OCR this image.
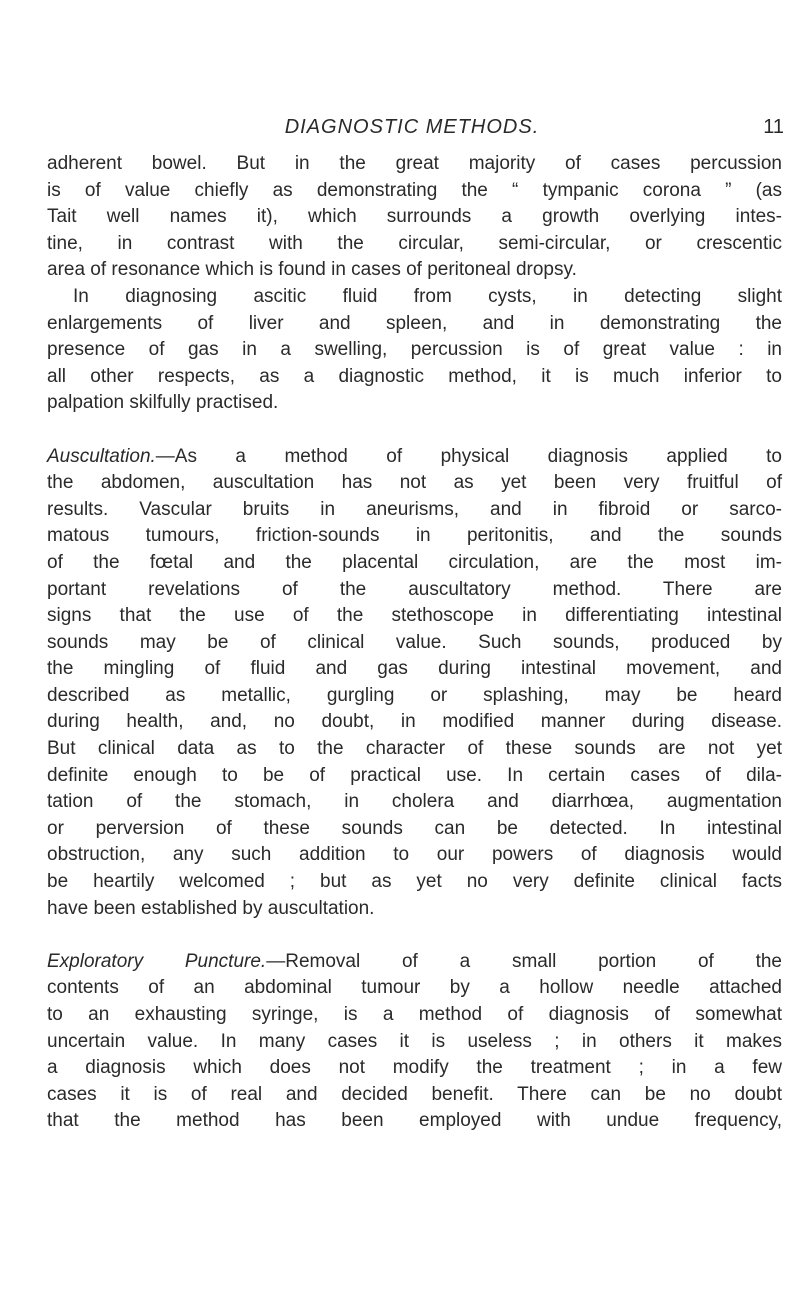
DIAGNOSTIC METHODS.	11

adherent bowel. But in the great majority of cases percussion
is of value chiefly as demonstrating the “ tympanic corona ” (as
Tait well names it), which surrounds a growth overlying intes-
tine, in contrast with the circular, semi-circular, or crescentic
area of resonance which is found in cases of peritoneal dropsy.

In diagnosing ascitic fluid from cysts, in detecting slight
enlargements of liver and spleen, and in demonstrating the
presence of gas in a swelling, percussion is of great value : in
all other respects, as a diagnostic method, it is much inferior to
palpation skilfully practised.

Auscultation.—As a method of physical diagnosis applied to
the abdomen, auscultation has not as yet been very fruitful of
results. Vascular bruits in aneurisms, and in fibroid or sarco-
matous tumours, friction-sounds in peritonitis, and the sounds
of the fœtal and the placental circulation, are the most im-
portant revelations of the auscultatory method. There are
signs that the use of the stethoscope in differentiating intestinal
sounds may be of clinical value. Such sounds, produced by
the mingling of fluid and gas during intestinal movement, and
described as metallic, gurgling or splashing, may be heard
during health, and, no doubt, in modified manner during disease.
But clinical data as to the character of these sounds are not yet
definite enough to be of practical use. In certain cases of dila-
tation of the stomach, in cholera and diarrhœa, augmentation
or perversion of these sounds can be detected. In intestinal
obstruction, any such addition to our powers of diagnosis would
be heartily welcomed ; but as yet no very definite clinical facts
have been established by auscultation.

Exploratory Puncture.—Removal of a small portion of the
contents of an abdominal tumour by a hollow needle attached
to an exhausting syringe, is a method of diagnosis of somewhat
uncertain value. In many cases it is useless ; in others it makes
a diagnosis which does not modify the treatment ; in a few
cases it is of real and decided benefit. There can be no doubt
that the method has been employed with undue frequency,
